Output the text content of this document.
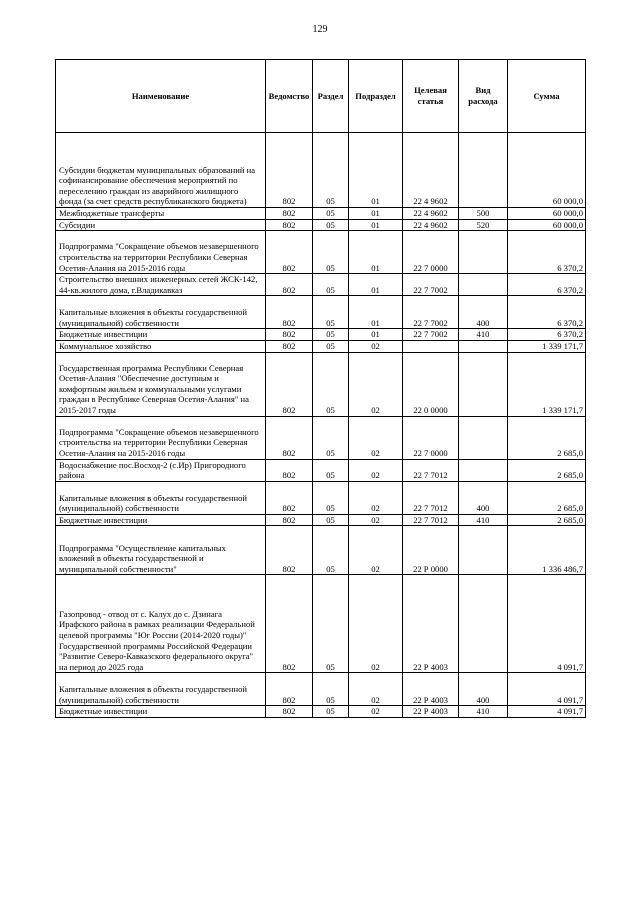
129
Наименование	Ведомство	Раздел	Подраздел	Целевая статья	Вид расхода	Сумма
Субсидии бюджетам муниципальных образований на софинансирование обеспечения мероприятий по переселению граждан из аварийного жилищного фонда (за счет средств республиканского бюджета)	802	05	01	22 4 9602		60 000,0
Межбюджетные трансферты	802	05	01	22 4 9602	500	60 000,0
Субсидии	802	05	01	22 4 9602	520	60 000,0
Подпрограмма "Сокращение объемов незавершенного строительства на территории Республики Северная Осетия-Алания на 2015-2016 годы	802	05	01	22 7 0000		6 370,2
Строительство внешних инженерных сетей ЖСК-142, 44-кв.жилого дома, г.Владикавказ	802	05	01	22 7 7002		6 370,2
Капитальные вложения в объекты государственной (муниципальной) собственности	802	05	01	22 7 7002	400	6 370,2
Бюджетные инвестиции	802	05	01	22 7 7002	410	6 370,2
Коммунальное хозяйство	802	05	02			1 339 171,7
Государственная программа Республики Северная Осетия-Алания "Обеспечение доступным и комфортным жильем и коммунальными услугами граждан в Республике Северная Осетия-Алания" на 2015-2017 годы	802	05	02	22 0 0000		1 339 171,7
Подпрограмма "Сокращение объемов незавершенного строительства на территории Республики Северная Осетия-Алания на 2015-2016 годы	802	05	02	22 7 0000		2 685,0
Водоснабжение пос.Восход-2 (с.Ир) Пригородного района	802	05	02	22 7 7012		2 685,0
Капитальные вложения в объекты государственной (муниципальной) собственности	802	05	02	22 7 7012	400	2 685,0
Бюджетные инвестиции	802	05	02	22 7 7012	410	2 685,0
Подпрограмма "Осуществление капитальных вложений в объекты государственной и муниципальной собственности"	802	05	02	22 Р 0000		1 336 486,7
Газопровод - отвод от с. Калух до с. Дзинага Ирафского района в рамках реализации Федеральной целевой программы "Юг России (2014-2020 годы)" Государственной программы Российской Федерации "Развитие Северо-Кавказского федерального округа" на период до 2025 года	802	05	02	22 Р 4003		4 091,7
Капитальные вложения в объекты государственной (муниципальной) собственности	802	05	02	22 Р 4003	400	4 091,7
Бюджетные инвестиции	802	05	02	22 Р 4003	410	4 091,7
